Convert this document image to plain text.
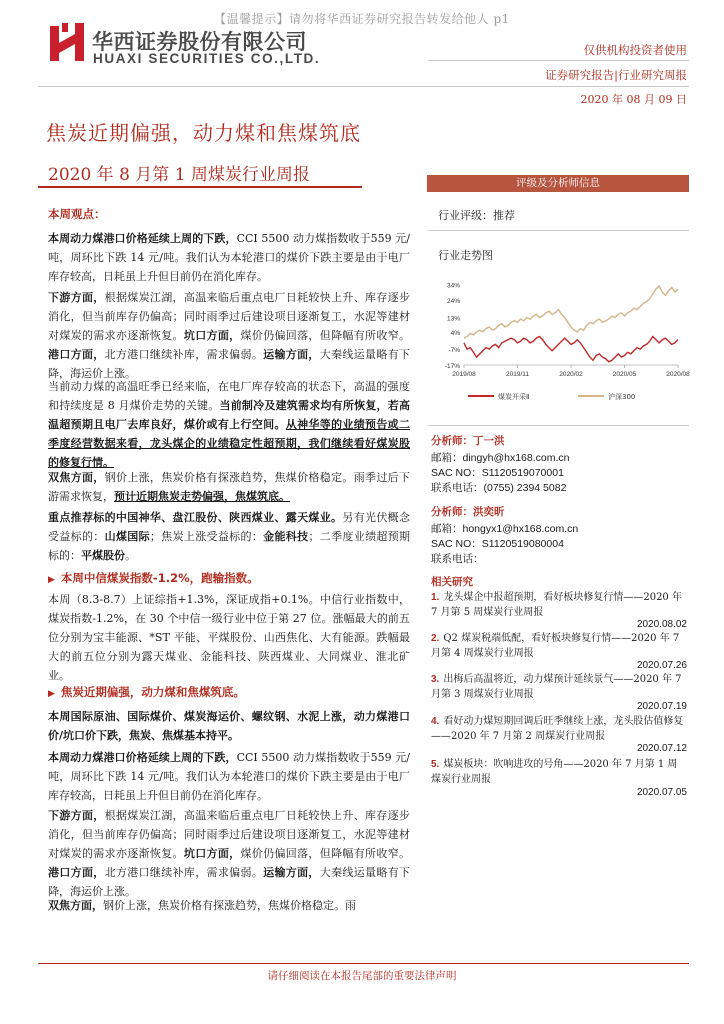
【温馨提示】请勿将华西证券研究报告转发给他人 p1
华西证券股份有限公司
HUAXI SECURITIES CO.,LTD.
仅供机构投资者使用
证券研究报告|行业研究周报
2020 年 08 月 09 日
焦炭近期偏强，动力煤和焦煤筑底
2020 年 8 月第 1 周煤炭行业周报
本周观点：
本周动力煤港口价格延续上周的下跌，CCI 5500 动力煤指数收于559 元/吨，周环比下跌 14 元/吨。我们认为本轮港口的煤价下跌主要是由于电厂库存较高，日耗虽上升但目前仍在消化库存。
下游方面，根据煤炭江湖，高温来临后重点电厂日耗较快上升、库存逐步消化，但当前库存仍偏高；同时雨季过后建设项目逐渐复工，水泥等建材对煤炭的需求亦逐渐恢复。坑口方面，煤价仍偏回落，但降幅有所收窄。港口方面，北方港口继续补库，需求偏弱。运输方面，大秦线运量略有下降，海运价上涨。
当前动力煤的高温旺季已经来临，在电厂库存较高的状态下，高温的强度和持续度是 8 月煤价走势的关键。当前制冷及建筑需求均有所恢复，若高温超预期且电厂去库良好，煤价或有上行空间。从神华等的业绩预告或二季度经营数据来看，龙头煤企的业绩稳定性超预期，我们继续看好煤炭股的修复行情。
双焦方面，钢价上涨，焦炭价格有探涨趋势，焦煤价格稳定。雨季过后下游需求恢复，预计近期焦炭走势偏强，焦煤筑底。
重点推荐标的中国神华、盘江股份、陕西煤业、露天煤业。另有光伏概念受益标的：山煤国际；焦炭上涨受益标的：金能科技；二季度业绩超预期标的：平煤股份。
▶ 本周中信煤炭指数-1.2%，跑输指数。
本周（8.3-8.7）上证综指+1.3%，深证成指+0.1%。中信行业指数中，煤炭指数-1.2%，在 30 个中信一级行业中位于第 27 位。涨幅最大的前五位分别为宝丰能源、*ST 平能、平煤股份、山西焦化、大有能源。跌幅最大的前五位分别为露天煤业、金能科技、陕西煤业、大同煤业、淮北矿业。
▶ 焦炭近期偏强，动力煤和焦煤筑底。
本周国际原油、国际煤价、煤炭海运价、螺纹钢、水泥上涨，动力煤港口价/坑口价下跌，焦炭、焦煤基本持平。
本周动力煤港口价格延续上周的下跌，CCI 5500 动力煤指数收于559 元/吨，周环比下跌 14 元/吨。我们认为本轮港口的煤价下跌主要是由于电厂库存较高，日耗虽上升但目前仍在消化库存。
下游方面，根据煤炭江湖，高温来临后重点电厂日耗较快上升、库存逐步消化，但当前库存仍偏高；同时雨季过后建设项目逐渐复工，水泥等建材对煤炭的需求亦逐渐恢复。坑口方面，煤价仍偏回落，但降幅有所收窄。港口方面，北方港口继续补库，需求偏弱。运输方面，大秦线运量略有下降，海运价上涨。
双焦方面，钢价上涨，焦炭价格有探涨趋势，焦煤价格稳定。雨
评级及分析师信息
行业评级：推荐
行业走势图
34%
24%
13%
4%
-7%
-17%
2019/08	2019/11	2020/02	2020/05	2020/08
煤炭开采Ⅱ	沪深300
分析师：丁一洪
邮箱：dingyh@hx168.com.cn
SAC NO：S1120519070001
联系电话：(0755) 2394 5082
分析师：洪奕昕
邮箱：hongyx1@hx168.com.cn
SAC NO：S1120519080004
联系电话：
相关研究
1. 龙头煤企中报超预期，看好板块修复行情——2020 年 7 月第 5 周煤炭行业周报
2020.08.02
2. Q2 煤炭税端低配，看好板块修复行情——2020 年 7 月第 4 周煤炭行业周报
2020.07.26
3. 出梅后高温将近，动力煤预计延续景气——2020 年 7 月第 3 周煤炭行业周报
2020.07.19
4. 看好动力煤短期回调后旺季继续上涨，龙头股估值修复——2020 年 7 月第 2 周煤炭行业周报
2020.07.12
5. 煤炭板块：吹响进攻的号角——2020 年 7 月第 1 周煤炭行业周报
2020.07.05
请仔细阅读在本报告尾部的重要法律声明
